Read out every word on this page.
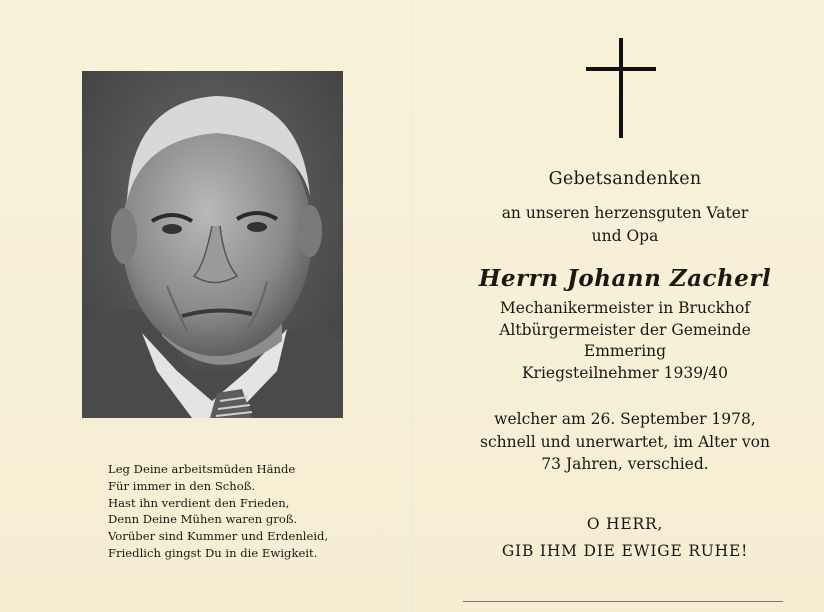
Leg Deine arbeitsmüden Hände
Für immer in den Schoß.
Hast ihn verdient den Frieden,
Denn Deine Mühen waren groß.
Vorüber sind Kummer und Erdenleid,
Friedlich gingst Du in die Ewigkeit.
Gebetsandenken
an unseren herzensguten Vater
und Opa
Herrn Johann Zacherl
Mechanikermeister in Bruckhof
Altbürgermeister der Gemeinde
Emmering
Kriegsteilnehmer 1939/40
welcher am 26. September 1978,
schnell und unerwartet, im Alter von
73 Jahren, verschied.
O HERR,
GIB IHM DIE EWIGE RUHE!
